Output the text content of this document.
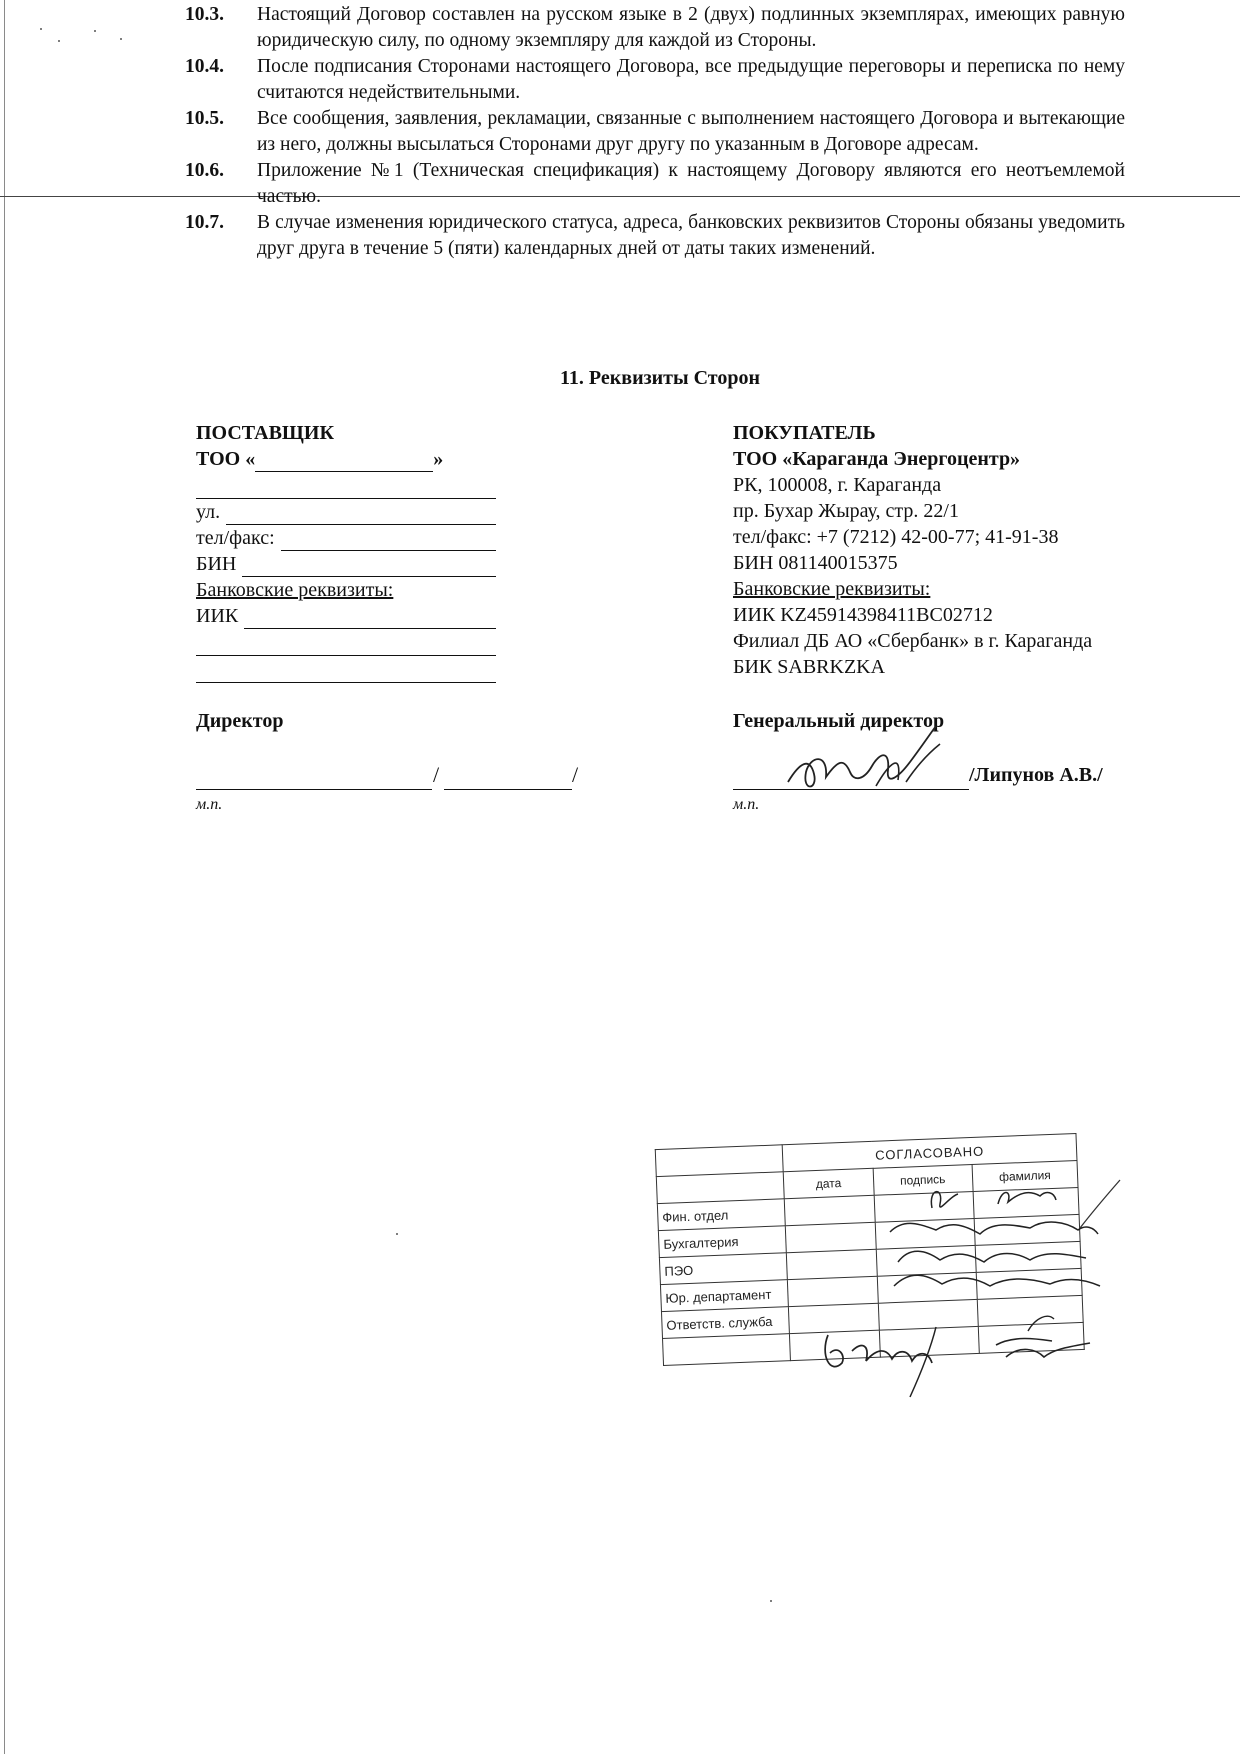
10.3.	Настоящий Договор составлен на русском языке в 2 (двух) подлинных экземплярах, имеющих равную юридическую силу, по одному экземпляру для каждой из Стороны.
10.4.	После подписания Сторонами настоящего Договора, все предыдущие переговоры и переписка по нему считаются недействительными.
10.5.	Все сообщения, заявления, рекламации, связанные с выполнением настоящего Договора и вытекающие из него, должны высылаться Сторонами друг другу по указанным в Договоре адресам.
10.6.	Приложение №1 (Техническая спецификация) к настоящему Договору являются его неотъемлемой частью.
10.7.	В случае изменения юридического статуса, адреса, банковских реквизитов Стороны обязаны уведомить друг друга в течение 5 (пяти) календарных дней от даты таких изменений.
11. Реквизиты Сторон
ПОСТАВЩИК
ТОО «	»
ул.
тел/факс:
БИН
Банковские реквизиты:
ИИК
ПОКУПАТЕЛЬ
ТОО «Караганда Энергоцентр»
РК, 100008, г. Караганда
пр. Бухар Жырау, стр. 22/1
тел/факс: +7 (7212) 42-00-77; 41-91-38
БИН 081140015375
Банковские реквизиты:
ИИК KZ45914398411BC02712
Филиал ДБ АО «Сбербанк» в г. Караганда
БИК SABRKZKA
Директор
/	/
м.п.
Генеральный директор
/Липунов А.В./
м.п.
	СОГЛАСОВАНО		
	дата	подпись	фамилия
Фин. отдел			
Бухгалтерия			
ПЭО			
Юр. департамент			
Ответств. служба			
